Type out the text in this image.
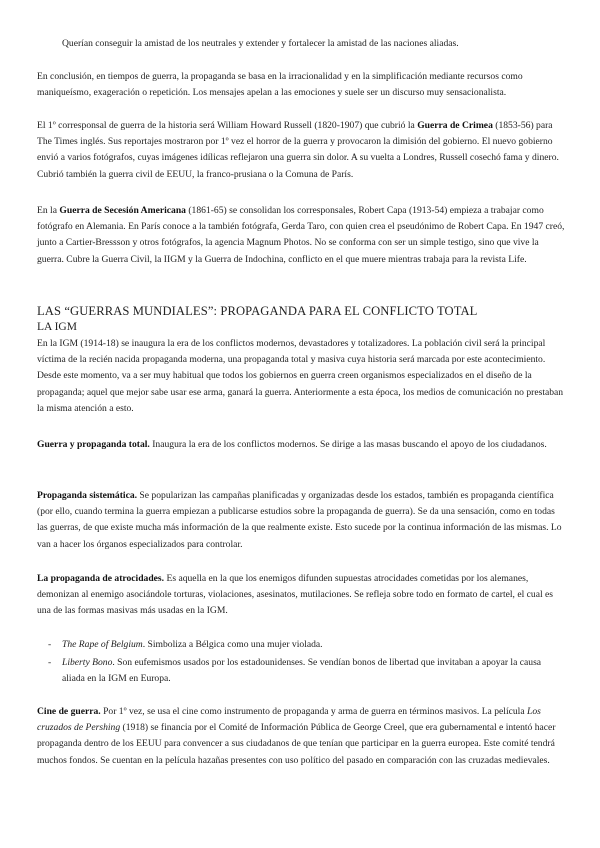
Querían conseguir la amistad de los neutrales y extender y fortalecer la amistad de las naciones aliadas.

En conclusión, en tiempos de guerra, la propaganda se basa en la irracionalidad y en la simplificación mediante recursos como maniqueísmo, exageración o repetición. Los mensajes apelan a las emociones y suele ser un discurso muy sensacionalista.

El 1º corresponsal de guerra de la historia será William Howard Russell (1820-1907) que cubrió la Guerra de Crimea (1853-56) para The Times inglés. Sus reportajes mostraron por 1º vez el horror de la guerra y provocaron la dimisión del gobierno. El nuevo gobierno envió a varios fotógrafos, cuyas imágenes idílicas reflejaron una guerra sin dolor. A su vuelta a Londres, Russell cosechó fama y dinero. Cubrió también la guerra civil de EEUU, la franco-prusiana o la Comuna de París.

En la Guerra de Secesión Americana (1861-65) se consolidan los corresponsales, Robert Capa (1913-54) empieza a trabajar como fotógrafo en Alemania. En París conoce a la también fotógrafa, Gerda Taro, con quien crea el pseudónimo de Robert Capa. En 1947 creó, junto a Cartier-Bressson y otros fotógrafos, la agencia Magnum Photos. No se conforma con ser un simple testigo, sino que vive la guerra. Cubre la Guerra Civil, la IIGM y la Guerra de Indochina, conflicto en el que muere mientras trabaja para la revista Life.

LAS “GUERRAS MUNDIALES”: PROPAGANDA PARA EL CONFLICTO TOTAL
LA IGM

En la IGM (1914-18) se inaugura la era de los conflictos modernos, devastadores y totalizadores. La población civil será la principal víctima de la recién nacida propaganda moderna, una propaganda total y masiva cuya historia será marcada por este acontecimiento. Desde este momento, va a ser muy habitual que todos los gobiernos en guerra creen organismos especializados en el diseño de la propaganda; aquel que mejor sabe usar ese arma, ganará la guerra. Anteriormente a esta época, los medios de comunicación no prestaban la misma atención a esto.

Guerra y propaganda total. Inaugura la era de los conflictos modernos. Se dirige a las masas buscando el apoyo de los ciudadanos.

Propaganda sistemática. Se popularizan las campañas planificadas y organizadas desde los estados, también es propaganda científica (por ello, cuando termina la guerra empiezan a publicarse estudios sobre la propaganda de guerra). Se da una sensación, como en todas las guerras, de que existe mucha más información de la que realmente existe. Esto sucede por la continua información de las mismas. Lo van a hacer los órganos especializados para controlar.

La propaganda de atrocidades. Es aquella en la que los enemigos difunden supuestas atrocidades cometidas por los alemanes, demonizan al enemigo asociándole torturas, violaciones, asesinatos, mutilaciones. Se refleja sobre todo en formato de cartel, el cual es una de las formas masivas más usadas en la IGM.

- The Rape of Belgium. Simboliza a Bélgica como una mujer violada.
- Liberty Bono. Son eufemismos usados por los estadounidenses. Se vendían bonos de libertad que invitaban a apoyar la causa aliada en la IGM en Europa.

Cine de guerra. Por 1º vez, se usa el cine como instrumento de propaganda y arma de guerra en términos masivos. La película Los cruzados de Pershing (1918) se financia por el Comité de Información Pública de George Creel, que era gubernamental e intentó hacer propaganda dentro de los EEUU para convencer a sus ciudadanos de que tenían que participar en la guerra europea. Este comité tendrá muchos fondos. Se cuentan en la película hazañas presentes con uso político del pasado en comparación con las cruzadas medievales.
